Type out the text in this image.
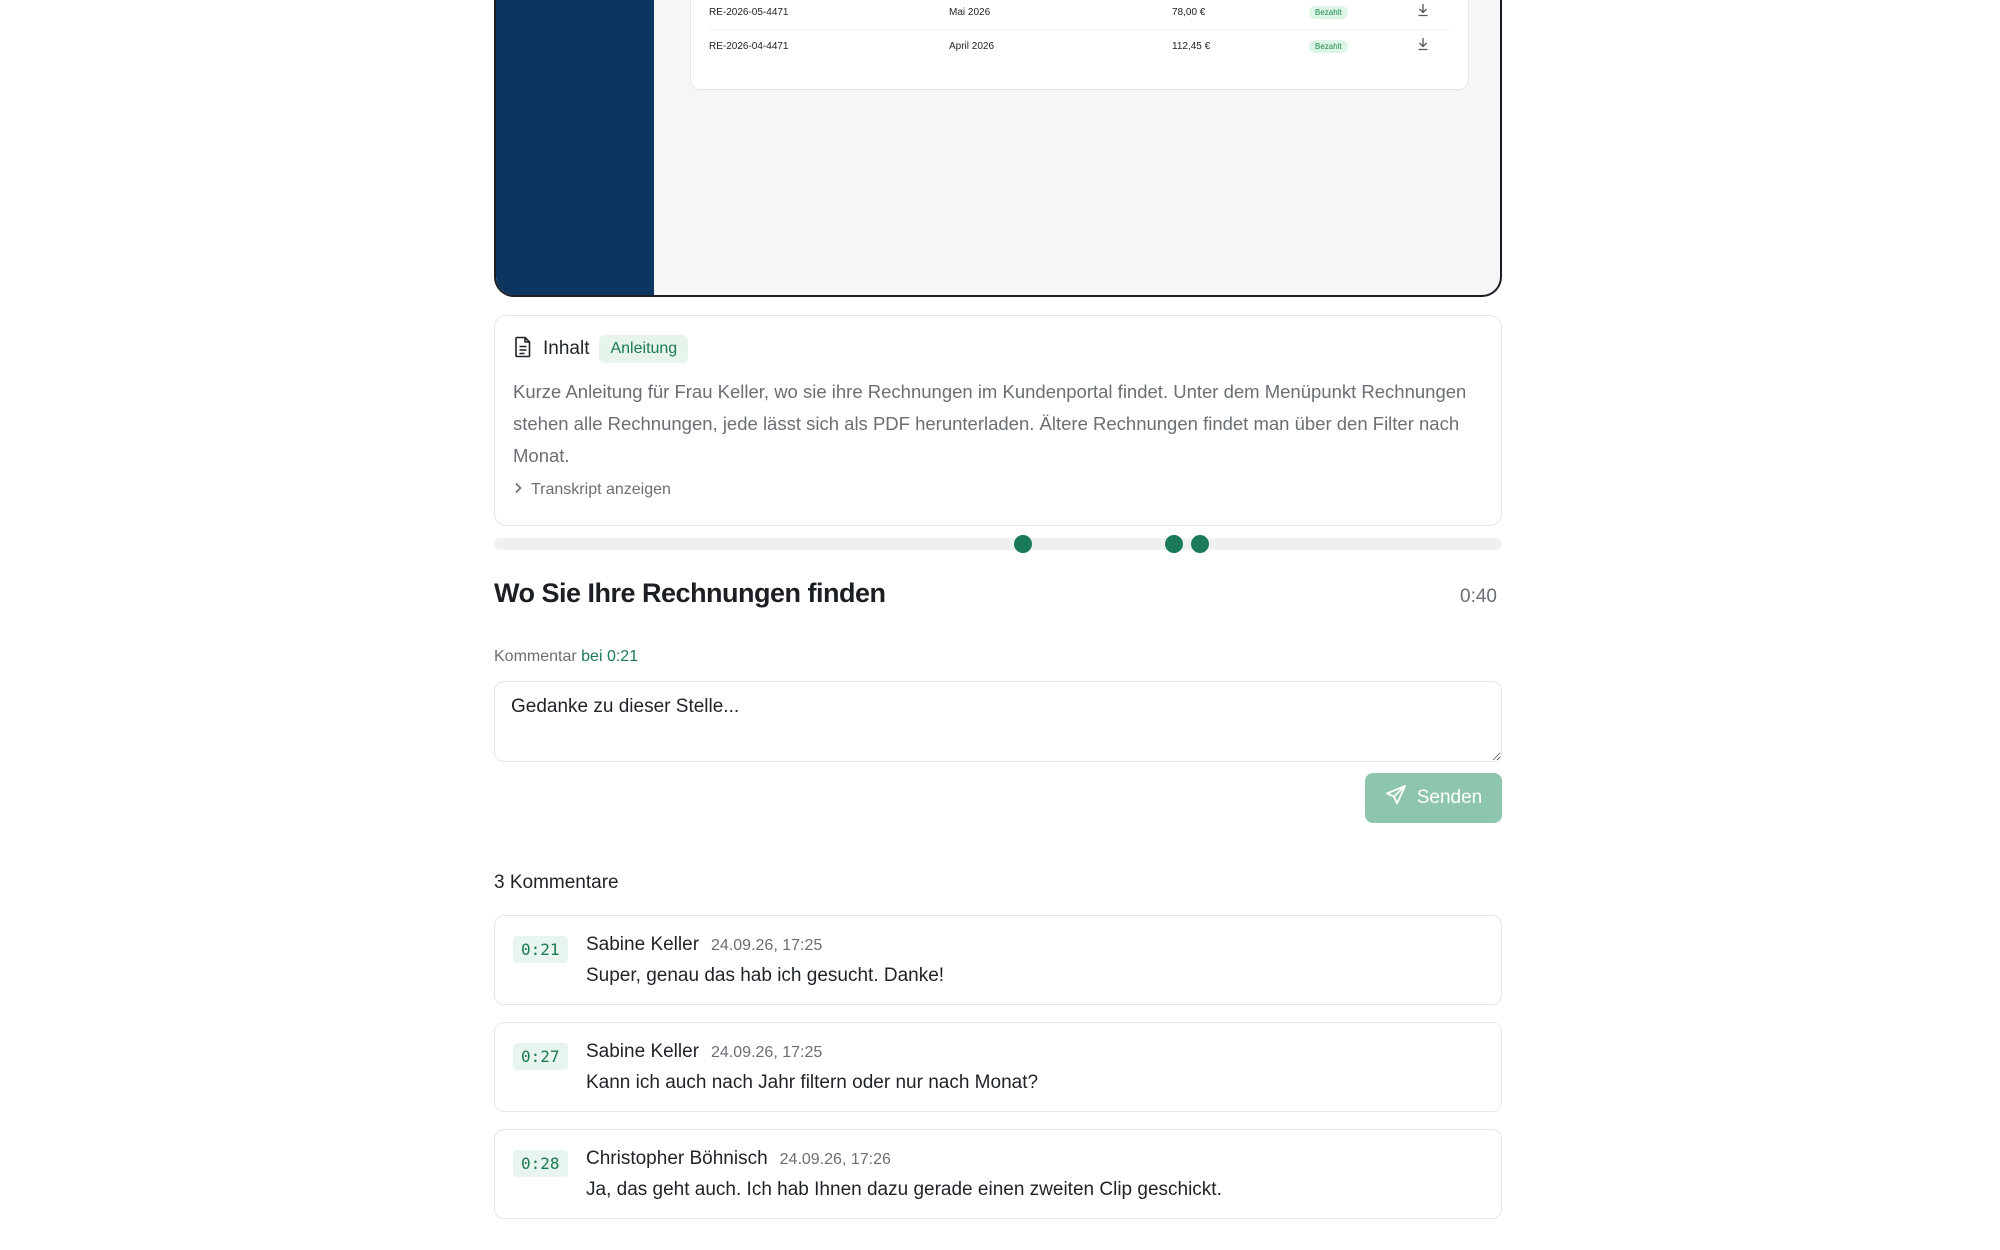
RE-2026-05-4471	Mai 2026	78,00 €	Bezahlt
RE-2026-04-4471	April 2026	112,45 €	Bezahlt
Inhalt	Anleitung
Kurze Anleitung für Frau Keller, wo sie ihre Rechnungen im Kundenportal findet. Unter dem Menüpunkt Rechnungen stehen alle Rechnungen, jede lässt sich als PDF herunterladen. Ältere Rechnungen findet man über den Filter nach Monat.
Transkript anzeigen
Wo Sie Ihre Rechnungen finden	0:40
Kommentar bei 0:21
Gedanke zu dieser Stelle...
Senden
3 Kommentare
0:21	Sabine Keller 24.09.26, 17:25
Super, genau das hab ich gesucht. Danke!
0:27	Sabine Keller 24.09.26, 17:25
Kann ich auch nach Jahr filtern oder nur nach Monat?
0:28	Christopher Böhnisch 24.09.26, 17:26
Ja, das geht auch. Ich hab Ihnen dazu gerade einen zweiten Clip geschickt.
